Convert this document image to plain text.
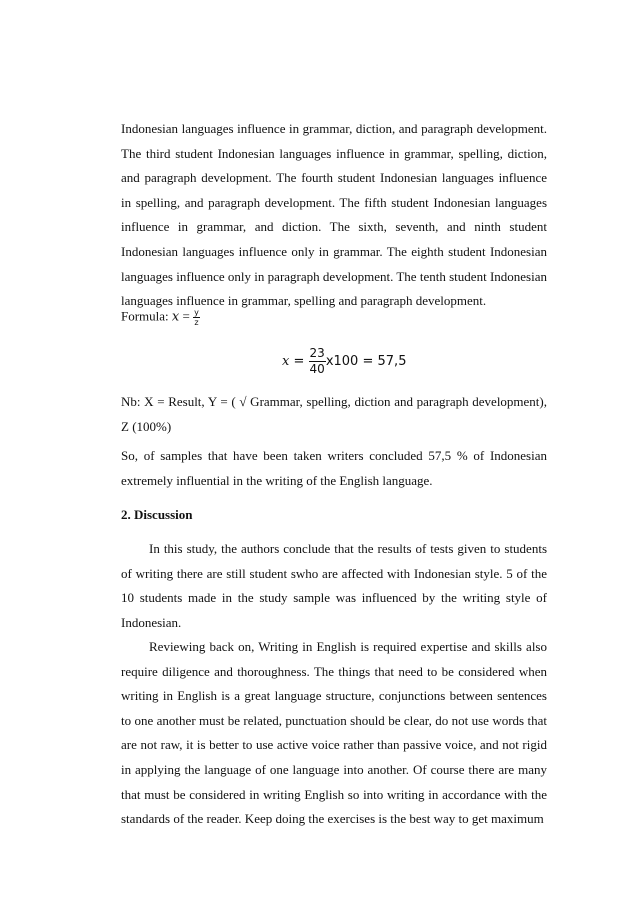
Indonesian languages influence in grammar, diction, and paragraph development. The third student Indonesian languages influence in grammar, spelling, diction, and paragraph development. The fourth student Indonesian languages influence in spelling, and paragraph development. The fifth student Indonesian languages influence in grammar, and diction. The sixth, seventh, and ninth student Indonesian languages influence only in grammar. The eighth student Indonesian languages influence only in paragraph development. The tenth student Indonesian languages influence in grammar, spelling and paragraph development.

Formula: $x = \frac{y}{z}$
$x = \frac{23}{40} x100 = 57,5$

Nb: X = Result, Y = ( √ Grammar, spelling, diction and paragraph development), Z (100%)

So, of samples that have been taken writers concluded 57,5 % of Indonesian extremely influential in the writing of the English language.

2. Discussion

In this study, the authors conclude that the results of tests given to students of writing there are still student swho are affected with Indonesian style. 5 of the 10 students made in the study sample was influenced by the writing style of Indonesian.

Reviewing back on, Writing in English is required expertise and skills also require diligence and thoroughness. The things that need to be considered when writing in English is a great language structure, conjunctions between sentences to one another must be related, punctuation should be clear, do not use words that are not raw, it is better to use active voice rather than passive voice, and not rigid in applying the language of one language into another. Of course there are many that must be considered in writing English so into writing in accordance with the standards of the reader. Keep doing the exercises is the best way to get maximum
